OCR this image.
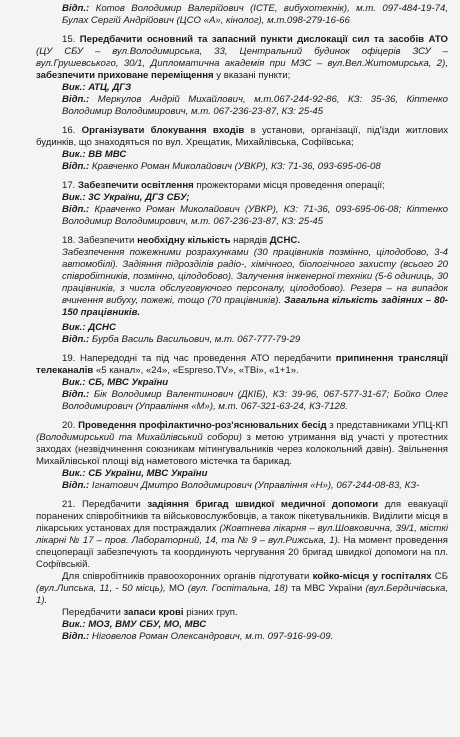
Відп.: Котов Володимир Валерійович (ІСТЕ, вибухотехнік), м.т. 097-484-19-74, Булах Сергій Андрійович (ЦСО «А», кінолог), м.т.098-279-16-66

15. Передбачити основний та запасний пункти дислокації сил та засобів АТО (ЦУ СБУ – вул.Володимирська, 33, Центральний будинок офіцерів ЗСУ – вул.Грушевського, 30/1, Дипломатична академія при МЗС – вул.Вел.Житомирська, 2), забезпечити приховане переміщення у вказані пункти;

Вик.: АТЦ, ДГЗ

Відп.: Меркулов Андрій Михайлович, м.т.067-244-92-86, КЗ: 35-36, Кіптенко Володимир Володимирович, м.т. 067-236-23-87, КЗ: 25-45

16. Організувати блокування входів в установи, організації, під'їзди житлових будинків, що знаходяться по вул. Хрещатик, Михайлівська, Софіївська;

Вик.: ВВ МВС

Відп.: Кравченко Роман Миколайович (УВКР), КЗ: 71-36, 093-695-06-08

17. Забезпечити освітлення прожекторами місця проведення операції;

Вик.: 3С України, ДГЗ СБУ;

Відп.: Кравченко Роман Миколайович (УВКР), КЗ: 71-36, 093-695-06-08; Кіптенко Володимир Володимирович, м.т. 067-236-23-87, КЗ: 25-45

18. Забезпечити необхідну кількість нарядів ДСНС.

Забезпечення пожежними розрахунками (30 працівників позмінно, цілодобово, 3-4 автомобілі). Задіяння підрозділів радіо-, хімічного, біологічного захисту (всього 20 співробітників, позмінно, цілодобово). Залучення інженерної техніки (5-6 одиниць, 30 працівників, з числа обслуговуючого персоналу, цілодобово). Резерв – на випадок вчинення вибуху, пожежі, тощо (70 працівників). Загальна кількість задіяних – 80-150 працівників.

Вик.: ДСНС

Відп.: Бурба Василь Васильович, м.т. 067-777-79-29

19. Напередодні та під час проведення АТО передбачити припинення трансляції телеканалів «5 канал», «24», «Espreso.TV», «ТВі», «1+1».

Вик.: СБ, МВС України

Відп.: Бік Володимир Валентинович (ДКІБ), КЗ: 39-96, 067-577-31-67; Бойко Олег Володимирович (Управління «М»), м.т. 067-321-63-24, КЗ-7128.

20. Проведення профілактично-роз'яснювальних бесід з представниками УПЦ-КП (Володимирський та Михайлівський собори) з метою утримання від участі у протестних заходах (незвідчинення союзникам мітингувальників через колокольний дзвін). Звільнення Михайлівської площі від наметового містечка та барикад.

Вик.: СБ України, МВС України

Відп.: Ігнатович Дмитро Володимирович (Управління «Н»), 067-244-08-83, КЗ-

21. Передбачити задіяння бригад швидкої медичної допомоги для евакуації поранених співробітників та військовослужбовців, а також пікетувальників. Виділити місця в лікарських установах для постраждалих (Жовтнева лікарня – вул.Шовковична, 39/1, місткі лікарні № 17 – пров. Лабораторний, 14, та № 9 – вул.Рижська, 1). На момент проведення спецоперації забезпечують та координують чергування 20 бригад швидкої допомоги на пл. Софіївській.

Для співробітників правоохоронних органів підготувати койко-місця у госпіталях СБ (вул.Липська, 11, - 50 місць), МО (вул. Госпітальна, 18) та МВС України (вул.Бердичівська, 1).

Передбачити запаси крові різних груп.

Вик.: МОЗ, ВМУ СБУ, МО, МВС

Відп.: Нiговелов Роман Олександрович, м.т. 097-916-99-09.
